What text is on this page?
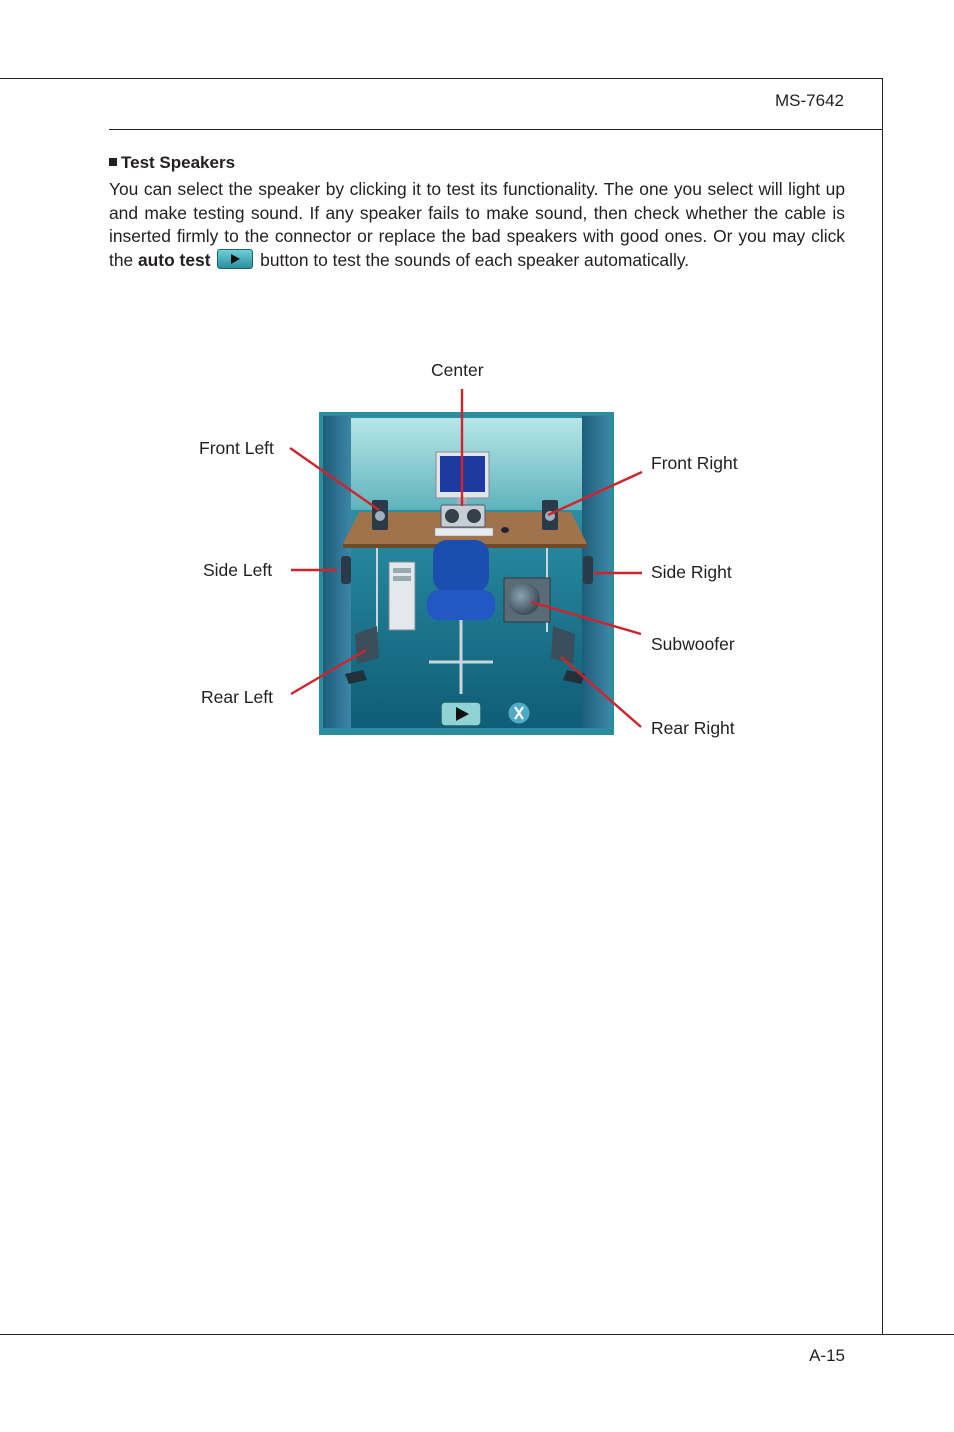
MS-7642
Test Speakers
You can select the speaker by clicking it to test its functionality. The one you select will light up and make testing sound. If any speaker fails to make sound, then check whether the cable is inserted firmly to the connector or replace the bad speakers with good ones. Or you may click the auto test	button to test the sounds of each speaker automatically.
Center
Front Left
Front Right
Side Left	Side Right
Subwoofer
Rear Left
Rear Right
A-15
